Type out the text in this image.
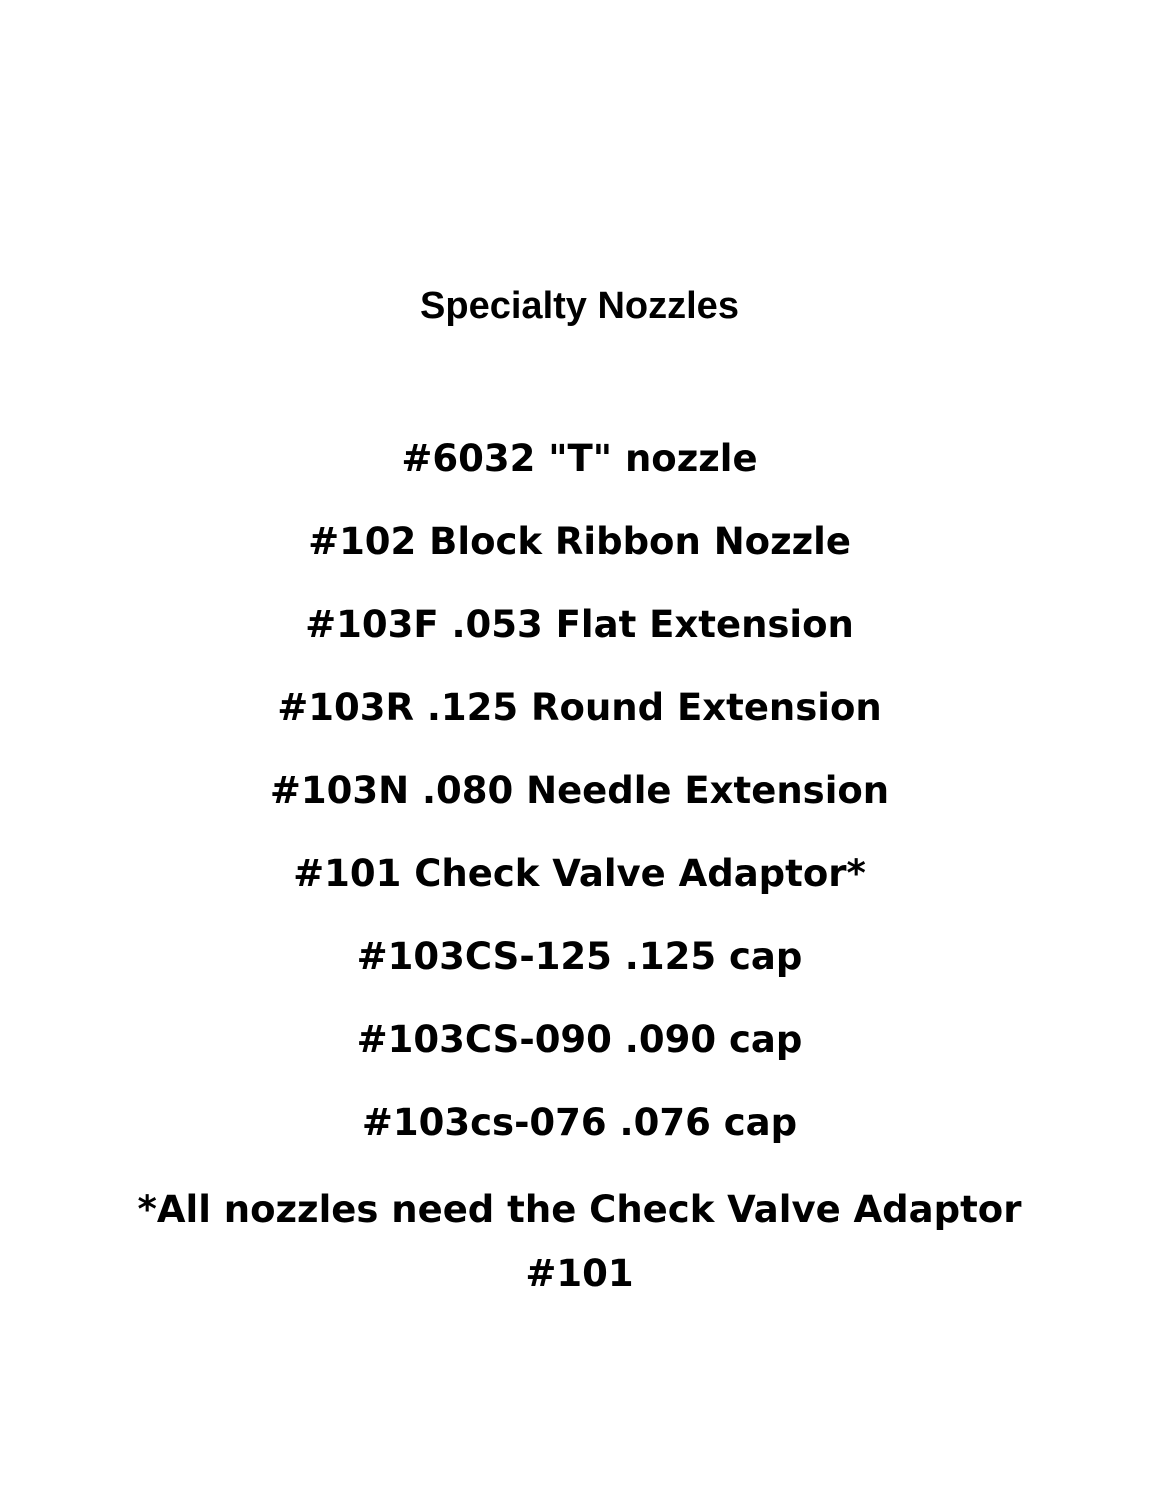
Specialty Nozzles
#6032 "T" nozzle
#102 Block Ribbon Nozzle
#103F .053 Flat Extension
#103R .125 Round Extension
#103N .080 Needle Extension
#101 Check Valve Adaptor*
#103CS-125 .125 cap
#103CS-090 .090 cap
#103cs-076 .076 cap

*All nozzles need the Check Valve Adaptor
#101
